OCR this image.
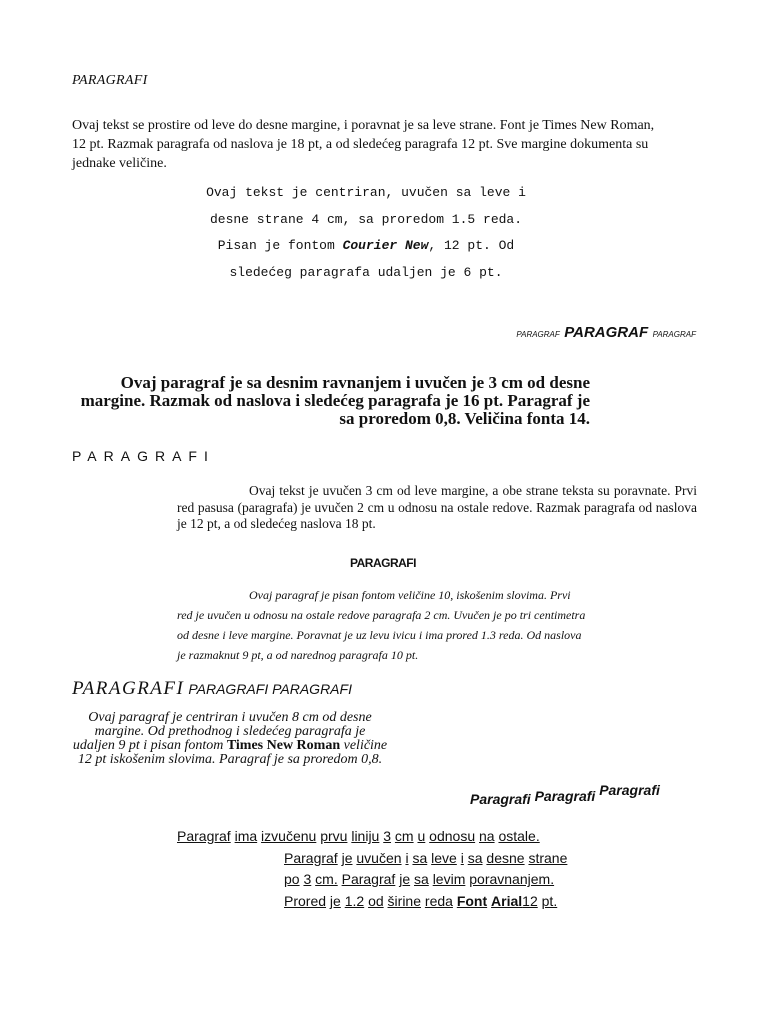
PARAGRAFI

Ovaj tekst se prostire od leve do desne margine, i poravnat je sa leve strane. Font je Times New Roman, 12 pt. Razmak paragrafa od naslova je 18 pt, a od sledećeg paragrafa 12 pt. Sve margine dokumenta su jednake veličine.

Ovaj tekst je centriran, uvučen sa leve i desne strane 4 cm, sa proredom 1.5 reda. Pisan je fontom Courier New, 12 pt. Od sledećeg paragrafa udaljen je 6 pt.

PARAGRAF PARAGRAF PARAGRAF

Ovaj paragraf je sa desnim ravnanjem i uvučen je 3 cm od desne margine. Razmak od naslova i sledećeg paragrafa je 16 pt. Paragraf je sa proredom 0,8. Veličina fonta 14.

PARAGRAFI

Ovaj tekst je uvučen 3 cm od leve margine, a obe strane teksta su poravnate. Prvi red pasusa (paragrafa) je uvučen 2 cm u odnosu na ostale redove. Razmak paragrafa od naslova je 12 pt, a od sledećeg naslova 18 pt.

PARAGRAFI

Ovaj paragraf je pisan fontom veličine 10, iskošenim slovima. Prvi red je uvučen u odnosu na ostale redove paragrafa 2 cm. Uvučen je po tri centimetra od desne i leve margine. Poravnat je uz levu ivicu i ima prored 1.3 reda. Od naslova je razmaknut 9 pt, a od narednog paragrafa 10 pt.

PARAGRAFI PARAGRAFI PARAGRAFI

Ovaj paragraf je centriran i uvučen 8 cm od desne margine. Od prethodnog i sledećeg paragrafa je udaljen 9 pt i pisan fontom Times New Roman veličine 12 pt iskošenim slovima. Paragraf je sa proredom 0,8.

Paragrafi Paragrafi Paragrafi

Paragraf ima izvučenu prvu liniju 3 cm u odnosu na ostale.
Paragraf je uvučen i sa leve i sa desne strane
po 3 cm. Paragraf je sa levim poravnanjem.
Prored je 1.2 od širine reda Font Arial12 pt.
